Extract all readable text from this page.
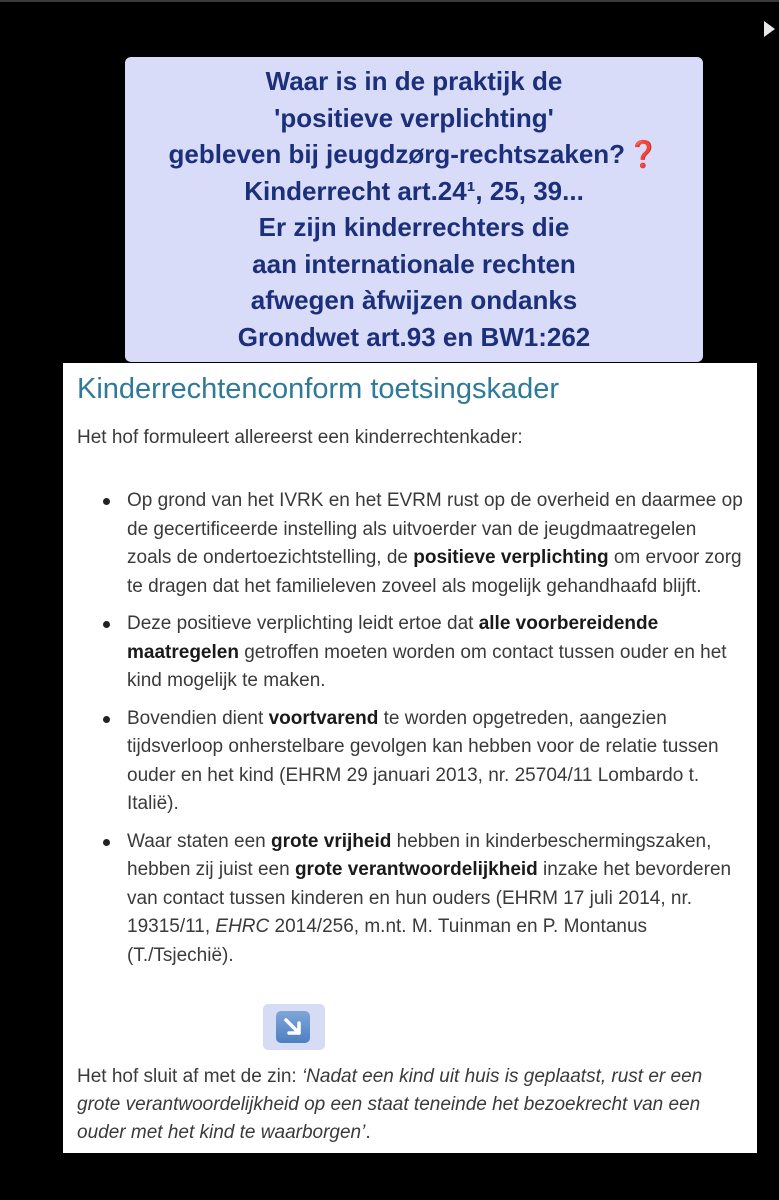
Waar is in de praktijk de
'positieve verplichting'
gebleven bij jeugdzørg-rechtszaken?❓
Kinderrecht art.24¹, 25, 39...
Er zijn kinderrechters die
aan internationale rechten
afwegen àfwijzen ondanks
Grondwet art.93 en BW1:262
Kinderrechtenconform toetsingskader
Het hof formuleert allereerst een kinderrechtenkader:
Op grond van het IVRK en het EVRM rust op de overheid en daarmee op de gecertificeerde instelling als uitvoerder van de jeugdmaatregelen zoals de ondertoezichtstelling, de positieve verplichting om ervoor zorg te dragen dat het familieleven zoveel als mogelijk gehandhaafd blijft.
Deze positieve verplichting leidt ertoe dat alle voorbereidende maatregelen getroffen moeten worden om contact tussen ouder en het kind mogelijk te maken.
Bovendien dient voortvarend te worden opgetreden, aangezien tijdsverloop onherstelbare gevolgen kan hebben voor de relatie tussen ouder en het kind (EHRM 29 januari 2013, nr. 25704/11 Lombardo t. Italië).
Waar staten een grote vrijheid hebben in kinderbeschermingszaken, hebben zij juist een grote verantwoordelijkheid inzake het bevorderen van contact tussen kinderen en hun ouders (EHRM 17 juli 2014, nr. 19315/11, EHRC 2014/256, m.nt. M. Tuinman en P. Montanus (T./Tsjechië).
Het hof sluit af met de zin: ‘Nadat een kind uit huis is geplaatst, rust er een grote verantwoordelijkheid op een staat teneinde het bezoekrecht van een ouder met het kind te waarborgen’.
